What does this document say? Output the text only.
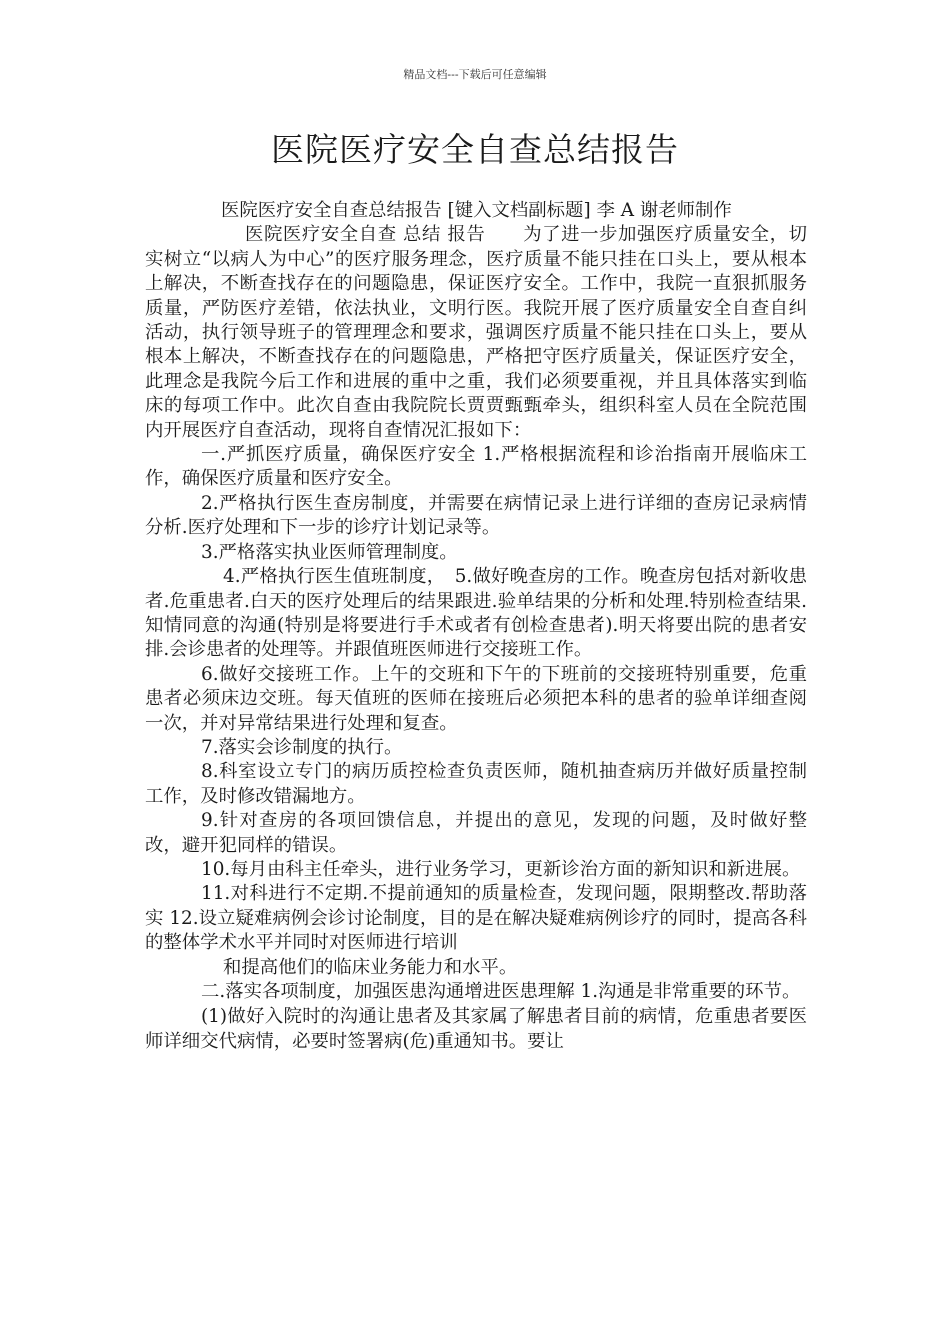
精品文档---下载后可任意编辑
医院医疗安全自查总结报告

医院医疗安全自查总结报告 [键入文档副标题] 李 A 谢老师制作

医院医疗安全自查 总结 报告　　为了进一步加强医疗质量安全，切实树立“以病人为中心”的医疗服务理念，医疗质量不能只挂在口头上，要从根本上解决，不断查找存在的问题隐患，保证医疗安全。工作中，我院一直狠抓服务质量，严防医疗差错，依法执业，文明行医。我院开展了医疗质量安全自查自纠活动，执行领导班子的管理理念和要求，强调医疗质量不能只挂在口头上，要从根本上解决，不断查找存在的问题隐患，严格把守医疗质量关，保证医疗安全，此理念是我院今后工作和进展的重中之重，我们必须要重视，并且具体落实到临床的每项工作中。此次自查由我院院长贾贾甄甄牵头，组织科室人员在全院范围内开展医疗自查活动，现将自查情况汇报如下：

一.严抓医疗质量，确保医疗安全 1.严格根据流程和诊治指南开展临床工作，确保医疗质量和医疗安全。

2.严格执行医生查房制度，并需要在病情记录上进行详细的查房记录病情分析.医疗处理和下一步的诊疗计划记录等。

3.严格落实执业医师管理制度。

4.严格执行医生值班制度，　5.做好晚查房的工作。晚查房包括对新收患者.危重患者.白天的医疗处理后的结果跟进.验单结果的分析和处理.特别检查结果.知情同意的沟通(特别是将要进行手术或者有创检查患者).明天将要出院的患者安排.会诊患者的处理等。并跟值班医师进行交接班工作。

6.做好交接班工作。上午的交班和下午的下班前的交接班特别重要，危重患者必须床边交班。每天值班的医师在接班后必须把本科的患者的验单详细查阅一次，并对异常结果进行处理和复查。

7.落实会诊制度的执行。

8.科室设立专门的病历质控检查负责医师，随机抽查病历并做好质量控制工作，及时修改错漏地方。

9.针对查房的各项回馈信息，并提出的意见，发现的问题，及时做好整改，避开犯同样的错误。

10.每月由科主任牵头，进行业务学习，更新诊治方面的新知识和新进展。

11.对科进行不定期.不提前通知的质量检查，发现问题，限期整改.帮助落实 12.设立疑难病例会诊讨论制度，目的是在解决疑难病例诊疗的同时，提高各科的整体学术水平并同时对医师进行培训

和提高他们的临床业务能力和水平。

二.落实各项制度，加强医患沟通增进医患理解 1.沟通是非常重要的环节。

(1)做好入院时的沟通让患者及其家属了解患者目前的病情，危重患者要医师详细交代病情，必要时签署病(危)重通知书。要让
